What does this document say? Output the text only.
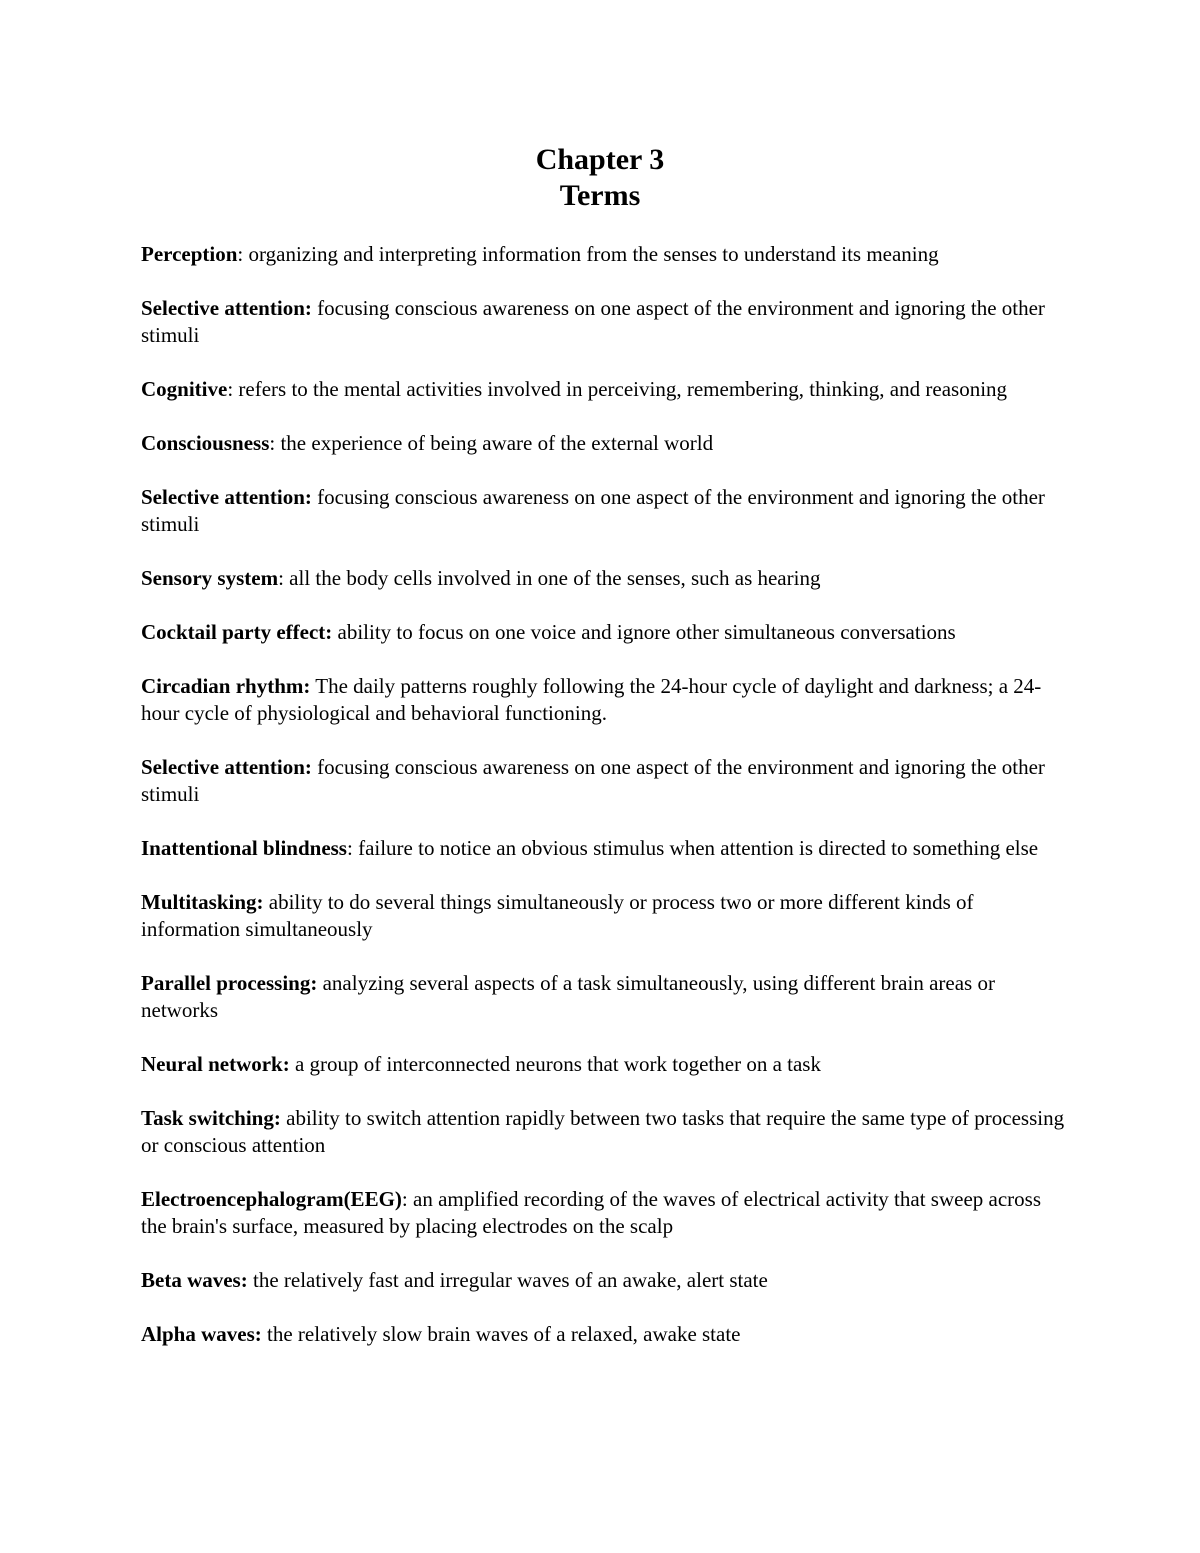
Chapter 3
Terms
Perception: organizing and interpreting information from the senses to understand its meaning
Selective attention: focusing conscious awareness on one aspect of the environment and ignoring the other stimuli
Cognitive: refers to the mental activities involved in perceiving, remembering, thinking, and reasoning
Consciousness: the experience of being aware of the external world
Selective attention: focusing conscious awareness on one aspect of the environment and ignoring the other stimuli
Sensory system: all the body cells involved in one of the senses, such as hearing
Cocktail party effect: ability to focus on one voice and ignore other simultaneous conversations
Circadian rhythm: The daily patterns roughly following the 24-hour cycle of daylight and darkness; a 24-hour cycle of physiological and behavioral functioning.
Selective attention: focusing conscious awareness on one aspect of the environment and ignoring the other stimuli
Inattentional blindness: failure to notice an obvious stimulus when attention is directed to something else
Multitasking: ability to do several things simultaneously or process two or more different kinds of information simultaneously
Parallel processing: analyzing several aspects of a task simultaneously, using different brain areas or networks
Neural network: a group of interconnected neurons that work together on a task
Task switching: ability to switch attention rapidly between two tasks that require the same type of processing or conscious attention
Electroencephalogram(EEG): an amplified recording of the waves of electrical activity that sweep across the brain's surface, measured by placing electrodes on the scalp
Beta waves: the relatively fast and irregular waves of an awake, alert state
Alpha waves: the relatively slow brain waves of a relaxed, awake state
